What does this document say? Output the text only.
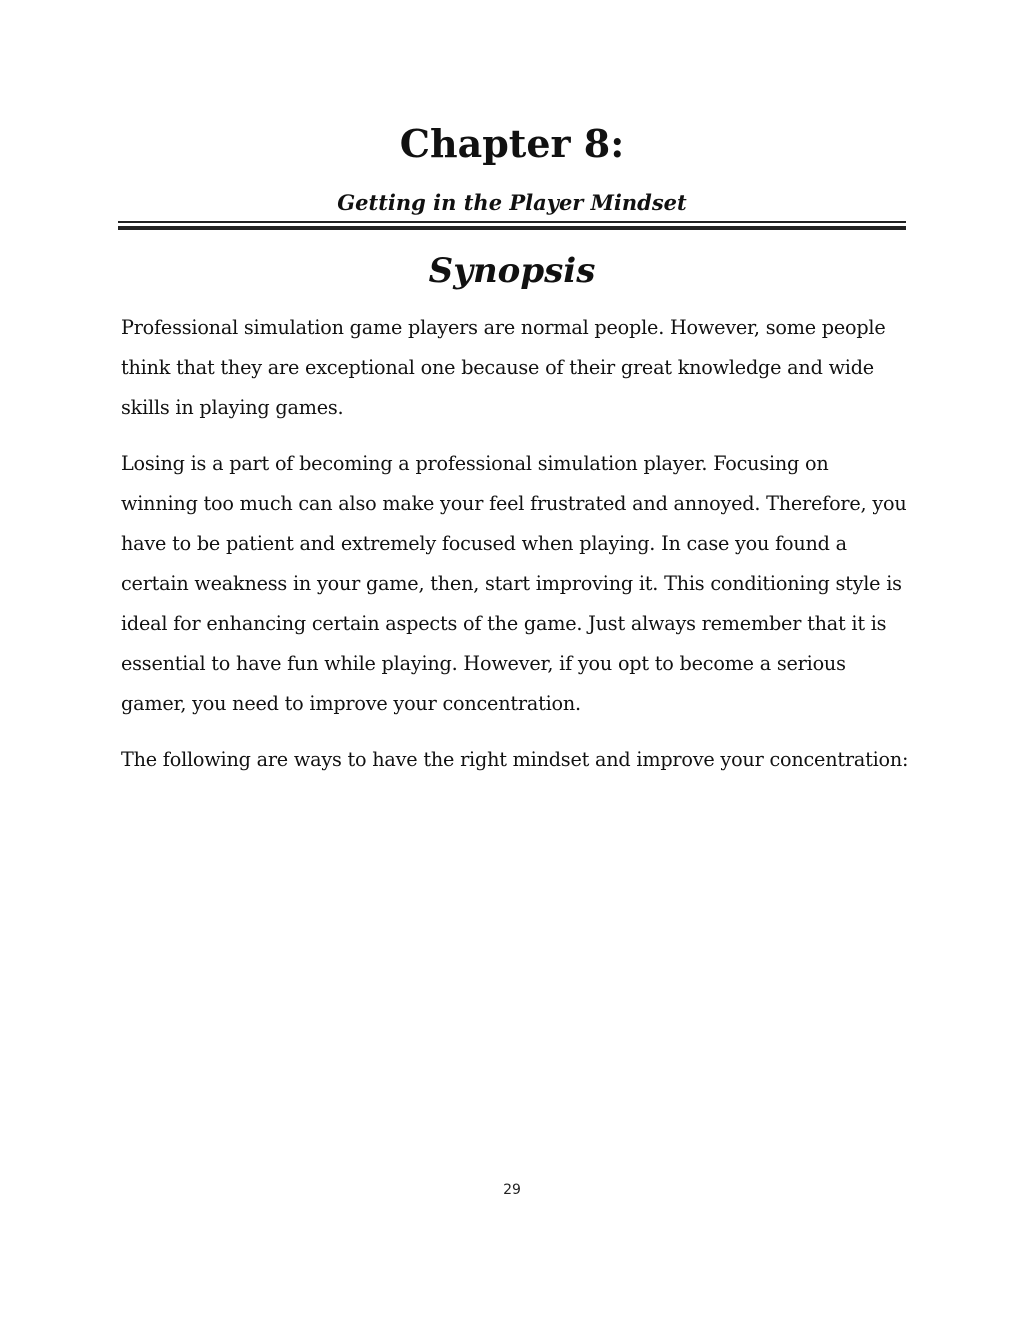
Chapter 8:
Getting in the Player Mindset
Synopsis

Professional simulation game players are normal people. However, some people think that they are exceptional one because of their great knowledge and wide skills in playing games.

Losing is a part of becoming a professional simulation player. Focusing on winning too much can also make your feel frustrated and annoyed. Therefore, you have to be patient and extremely focused when playing. In case you found a certain weakness in your game, then, start improving it. This conditioning style is ideal for enhancing certain aspects of the game. Just always remember that it is essential to have fun while playing. However, if you opt to become a serious gamer, you need to improve your concentration.

The following are ways to have the right mindset and improve your concentration:

29
